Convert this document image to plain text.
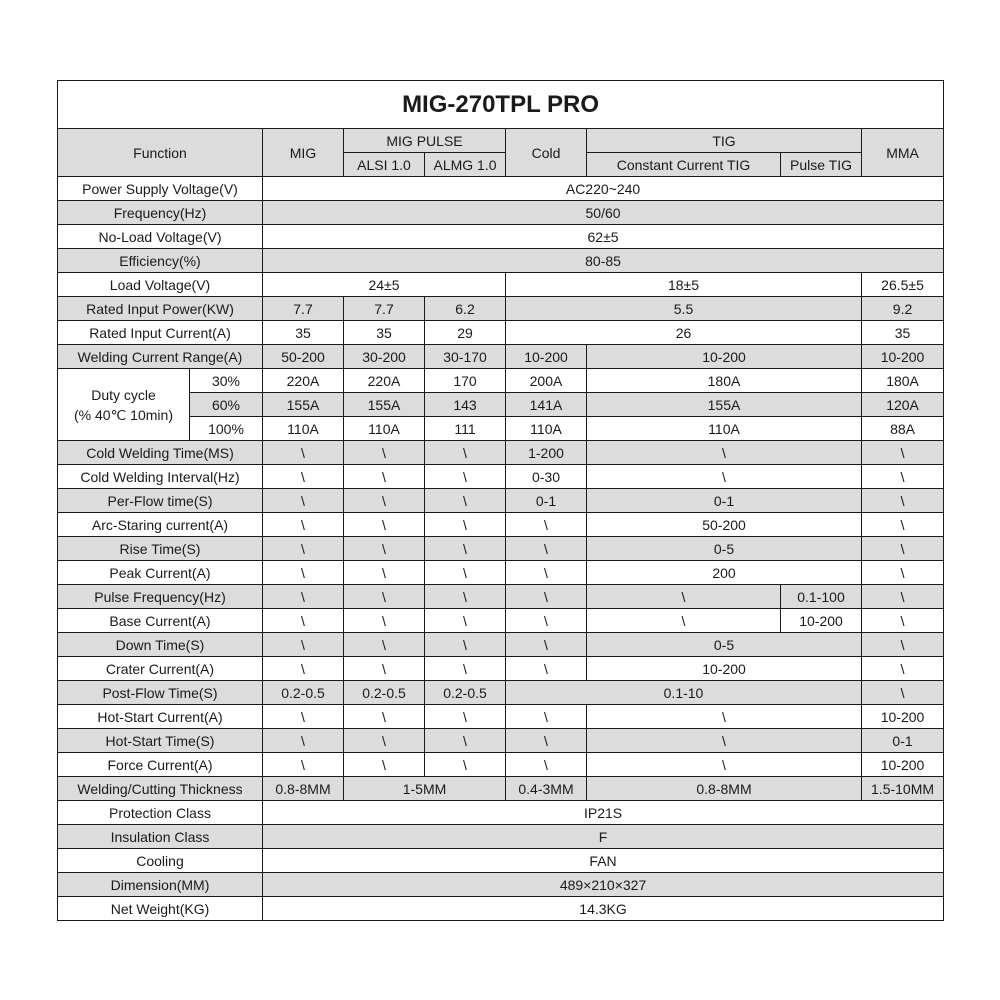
MIG-270TPL PRO								
Function		MIG	MIG PULSE		Cold	TIG		MMA
			ALSI 1.0	ALMG 1.0		Constant Current TIG	Pulse TIG	
Power Supply Voltage(V)		AC220~240						
Frequency(Hz)		50/60						
No-Load Voltage(V)		62±5						
Efficiency(%)		80-85						
Load Voltage(V)		24±5			18±5			26.5±5
Rated Input Power(KW)		7.7	7.7	6.2	5.5			9.2
Rated Input Current(A)		35	35	29	26			35
Welding Current Range(A)		50-200	30-200	30-170	10-200	10-200		10-200
Duty cycle
(% 40℃ 10min)	30%	220A	220A	170	200A	180A		180A
	60%	155A	155A	143	141A	155A		120A
	100%	110A	110A	111	110A	110A		88A
Cold Welding Time(MS)		\	\	\	1-200	\		\
Cold Welding Interval(Hz)		\	\	\	0-30	\		\
Per-Flow time(S)		\	\	\	0-1	0-1		\
Arc-Staring current(A)		\	\	\	\	50-200		\
Rise Time(S)		\	\	\	\	0-5		\
Peak Current(A)		\	\	\	\	200		\
Pulse Frequency(Hz)		\	\	\	\	\	0.1-100	\
Base Current(A)		\	\	\	\	\	10-200	\
Down Time(S)		\	\	\	\	0-5		\
Crater Current(A)		\	\	\	\	10-200		\
Post-Flow Time(S)		0.2-0.5	0.2-0.5	0.2-0.5	0.1-10			\
Hot-Start Current(A)		\	\	\	\	\		10-200
Hot-Start Time(S)		\	\	\	\	\		0-1
Force Current(A)		\	\	\	\	\		10-200
Welding/Cutting Thickness		0.8-8MM	1-5MM		0.4-3MM	0.8-8MM		1.5-10MM
Protection Class		IP21S						
Insulation Class		F						
Cooling		FAN						
Dimension(MM)		489×210×327						
Net Weight(KG)		14.3KG						
